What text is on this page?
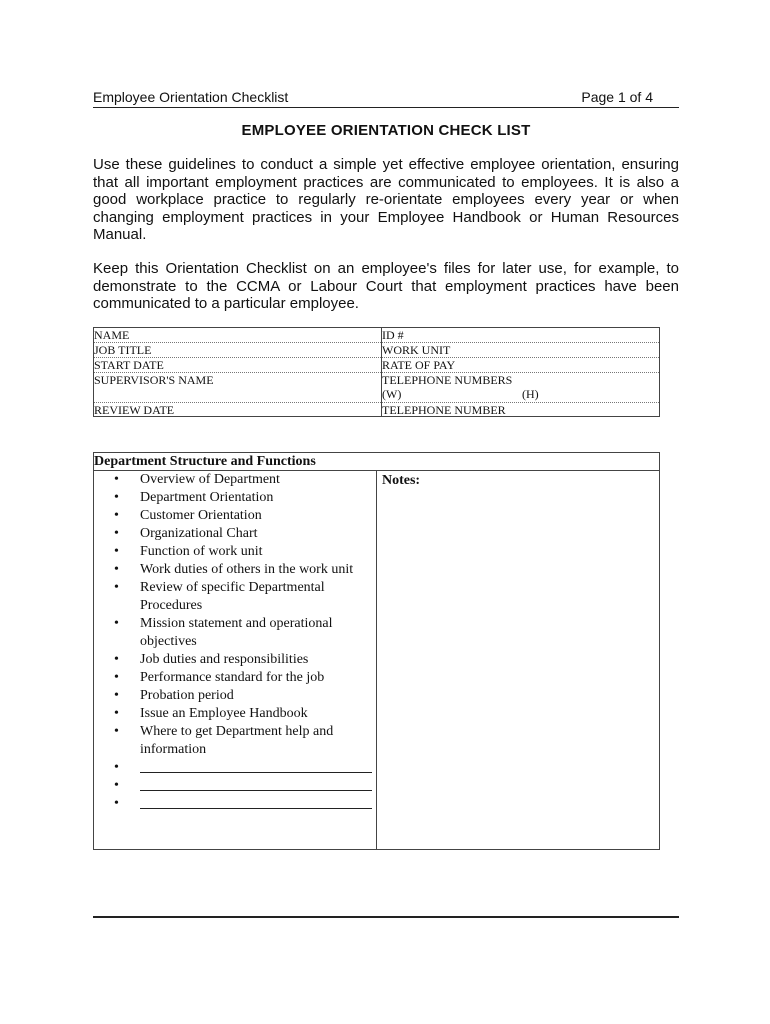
Employee Orientation Checklist	Page 1 of 4
EMPLOYEE ORIENTATION CHECK LIST

Use these guidelines to conduct a simple yet effective employee orientation, ensuring that all important employment practices are communicated to employees. It is also a good workplace practice to regularly re-orientate employees every year or when changing employment practices in your Employee Handbook or Human Resources Manual.

Keep this Orientation Checklist on an employee's files for later use, for example, to demonstrate to the CCMA or Labour Court that employment practices have been communicated to a particular employee.

NAME
JOB TITLE
START DATE
SUPERVISOR'S NAME
REVIEW DATE
ID #
WORK UNIT
RATE OF PAY
TELEPHONE NUMBERS
(W)	(H)
TELEPHONE NUMBER
Department Structure and Functions
Notes:
• Overview of Department
• Department Orientation
• Customer Orientation
• Organizational Chart
• Function of work unit
• Work duties of others in the work unit
• Review of specific Departmental Procedures
• Mission statement and operational objectives
• Job duties and responsibilities
• Performance standard for the job
• Probation period
• Issue an Employee Handbook
• Where to get Department help and information
•
•
•
